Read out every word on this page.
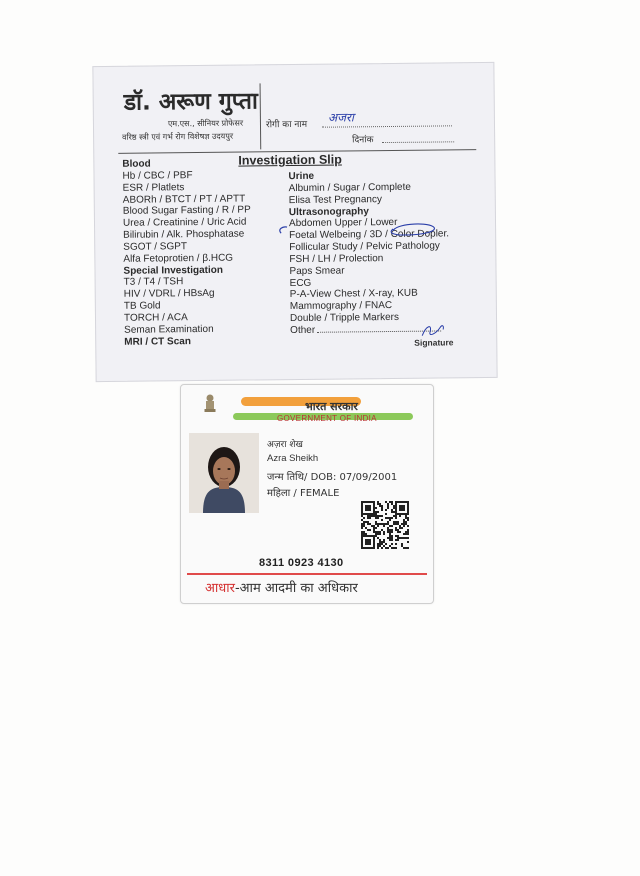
डॉ. अरूण गुप्ता
एम.एस., सीनियर प्रोफेसर
वरिष्ठ स्त्री एवं गर्भ रोग विशेषज्ञ उदयपुर
रोगी का नाम
अजरा
दिनांक
Investigation Slip
Blood
Hb / CBC / PBF
ESR / Platlets
ABORh / BTCT / PT / APTT
Blood Sugar Fasting / R / PP
Urea / Creatinine / Uric Acid
Bilirubin / Alk. Phosphatase
SGOT / SGPT
Alfa Fetoprotien / β.HCG
Special Investigation
T3 / T4 / TSH
HIV / VDRL / HBsAg
TB Gold
TORCH / ACA
Seman Examination
MRI / CT Scan
Urine
Albumin / Sugar / Complete
Elisa Test Pregnancy
Ultrasonography
Abdomen Upper / Lower
Foetal Welbeing / 3D / Color Dopler.
Follicular Study / Pelvic Pathology
FSH / LH / Prolection
Paps Smear
ECG
P-A-View Chest / X-ray, KUB
Mammography / FNAC
Double / Tripple Markers
Other
Signature
भारत सरकार
GOVERNMENT OF INDIA
अज़रा शेख
Azra Sheikh
जन्म तिथि/ DOB: 07/09/2001
महिला / FEMALE
8311 0923 4130
आधार-आम आदमी का अधिकार
